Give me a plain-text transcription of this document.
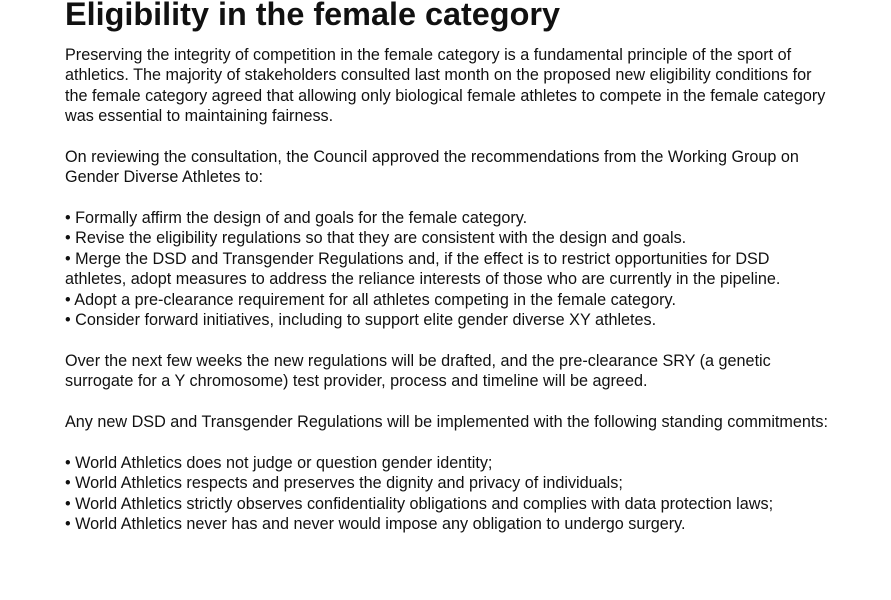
Eligibility in the female category

Preserving the integrity of competition in the female category is a fundamental principle of the sport of athletics. The majority of stakeholders consulted last month on the proposed new eligibility conditions for the female category agreed that allowing only biological female athletes to compete in the female category was essential to maintaining fairness.

On reviewing the consultation, the Council approved the recommendations from the Working Group on Gender Diverse Athletes to:

• Formally affirm the design of and goals for the female category.
• Revise the eligibility regulations so that they are consistent with the design and goals.
• Merge the DSD and Transgender Regulations and, if the effect is to restrict opportunities for DSD athletes, adopt measures to address the reliance interests of those who are currently in the pipeline.
• Adopt a pre-clearance requirement for all athletes competing in the female category.
• Consider forward initiatives, including to support elite gender diverse XY athletes.

Over the next few weeks the new regulations will be drafted, and the pre-clearance SRY (a genetic surrogate for a Y chromosome) test provider, process and timeline will be agreed.

Any new DSD and Transgender Regulations will be implemented with the following standing commitments:

• World Athletics does not judge or question gender identity;
• World Athletics respects and preserves the dignity and privacy of individuals;
• World Athletics strictly observes confidentiality obligations and complies with data protection laws;
• World Athletics never has and never would impose any obligation to undergo surgery.
